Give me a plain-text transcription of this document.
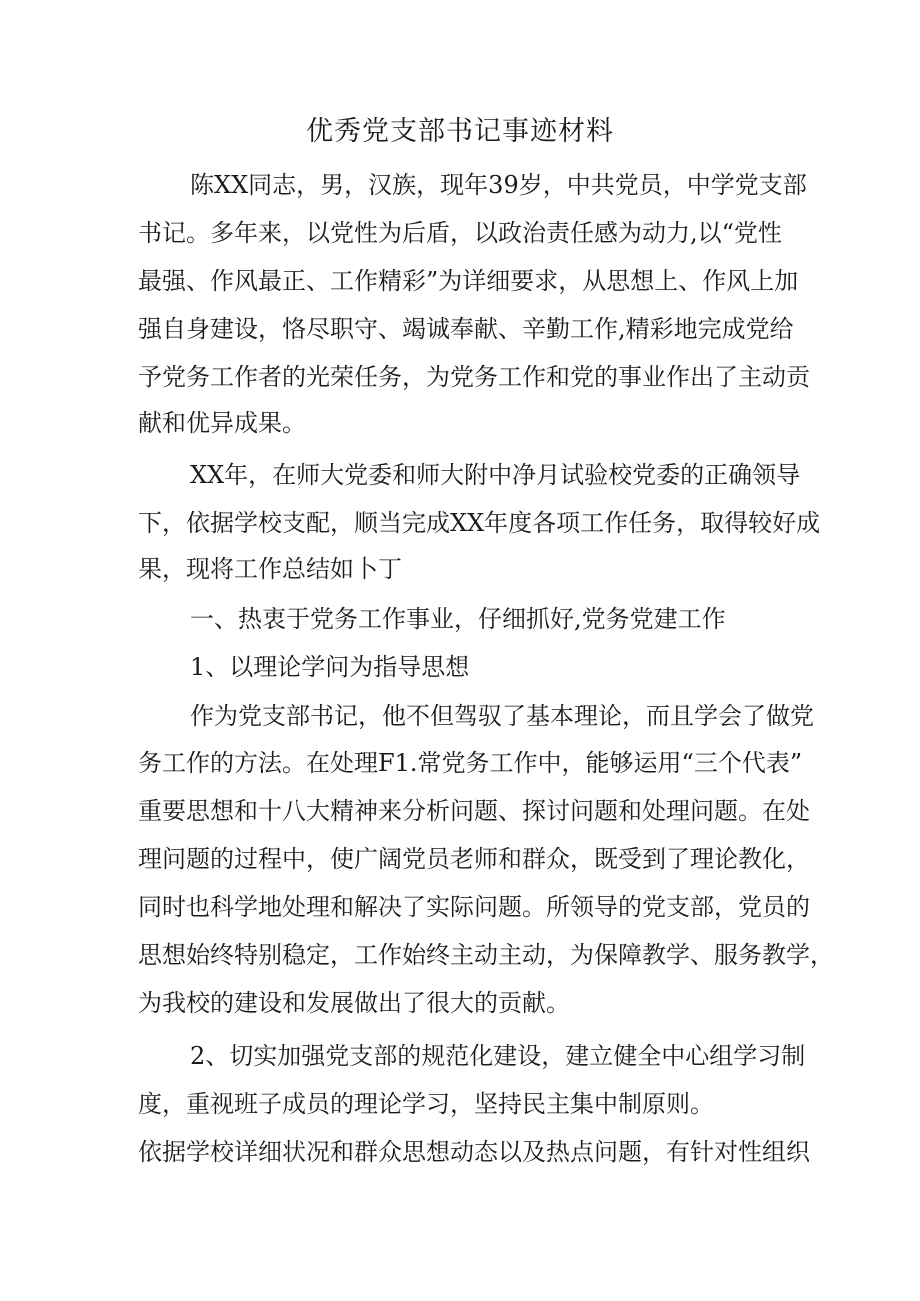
优秀党支部书记事迹材料
陈XX同志，男，汉族，现年39岁，中共党员，中学党支部
书记。多年来，以党性为后盾，以政治责任感为动力,以“党性
最强、作风最正、工作精彩”为详细要求，从思想上、作风上加
强自身建设，恪尽职守、竭诚奉献、辛勤工作,精彩地完成党给
予党务工作者的光荣任务，为党务工作和党的事业作出了主动贡
献和优异成果。
XX年，在师大党委和师大附中净月试验校党委的正确领导
下，依据学校支配，顺当完成XX年度各项工作任务，取得较好成
果，现将工作总结如卜丁
一、热衷于党务工作事业，仔细抓好,党务党建工作
1、以理论学问为指导思想
作为党支部书记，他不但驾驭了基本理论，而且学会了做党
务工作的方法。在处理F1.常党务工作中，能够运用“三个代表”
重要思想和十八大精神来分析问题、探讨问题和处理问题。在处
理问题的过程中，使广阔党员老师和群众，既受到了理论教化，
同时也科学地处理和解决了实际问题。所领导的党支部，党员的
思想始终特别稳定，工作始终主动主动，为保障教学、服务教学，
为我校的建设和发展做出了很大的贡献。
2、切实加强党支部的规范化建设，建立健全中心组学习制
度，重视班子成员的理论学习，坚持民主集中制原则。
依据学校详细状况和群众思想动态以及热点问题，有针对性组织
